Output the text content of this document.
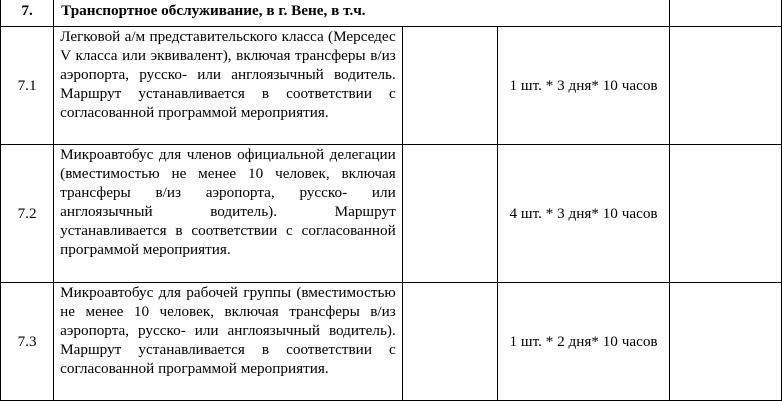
7.	Транспортное обслуживание, в г. Вене, в т.ч.			
7.1	Легковой а/м представительского класса (Мерседес V класса или эквивалент), включая трансферы в/из аэропорта, русско- или англоязычный водитель. Маршрут устанавливается в соответствии с согласованной программой мероприятия.		1 шт. * 3 дня* 10 часов	
7.2	Микроавтобус для членов официальной делегации (вместимостью не менее 10 человек, включая трансферы в/из аэропорта, русско- или англоязычный водитель). Маршрут устанавливается в соответствии с согласованной программой мероприятия.		4 шт. * 3 дня* 10 часов	
7.3	Микроавтобус для рабочей группы (вместимостью не менее 10 человек, включая трансферы в/из аэропорта, русско- или англоязычный водитель). Маршрут устанавливается в соответствии с согласованной программой мероприятия.		1 шт. * 2 дня* 10 часов	
